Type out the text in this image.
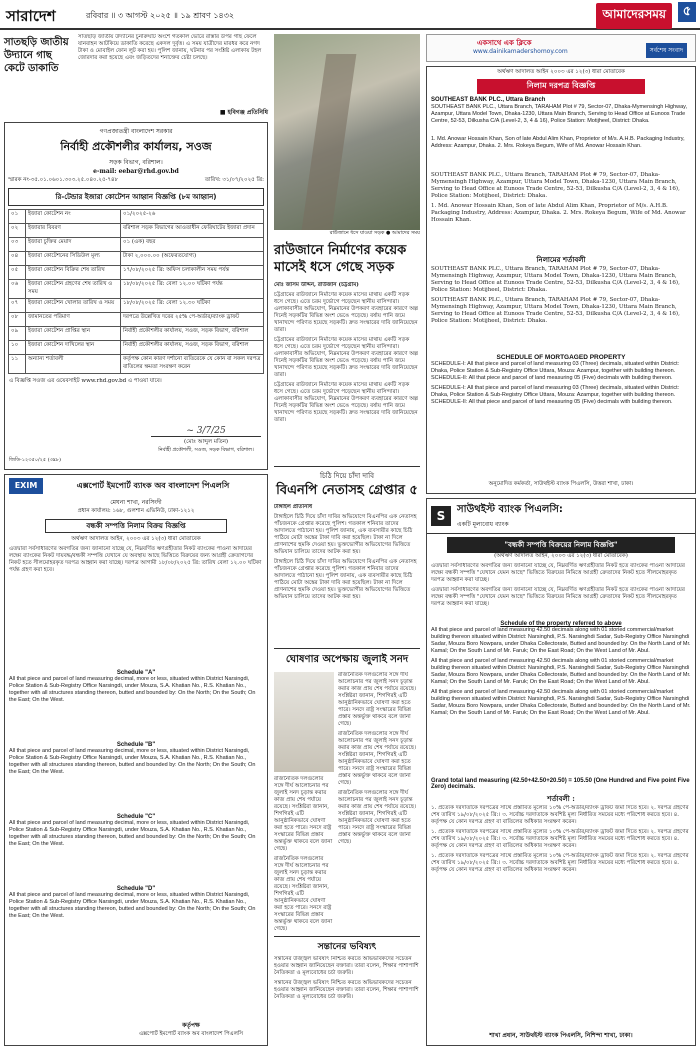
সারাদেশ	রবিবার ॥ ৩ আগস্ট ২০২৫ ॥ ১৯ শ্রাবণ ১৪৩২	আমাদেরসময়	৫
সাতছড়ি জাতীয় উদ্যানে গাছ কেটে ডাকাতি
সাতছড়ি জাতীয় উদ্যানের চুনারুঘাট অংশে গতকাল ভোরে রাস্তার উপর গাছ ফেলে যানবাহন আটকিয়ে ডাকাতি করেছে একদল দুর্বৃত্ত। এ সময় যাত্রীদের মারধর করে নগদ টাকা ও মোবাইল ফোন লুট করা হয়। পুলিশ জানায়, ঘটনার পর সংশ্লিষ্ট এলাকায় টহল জোরদার করা হয়েছে এবং জড়িতদের শনাক্তের চেষ্টা চলছে।
■ হবিগঞ্জ প্রতিনিধি
গণপ্রজাতন্ত্রী বাংলাদেশ সরকার
নির্বাহী প্রকৌশলীর কার্যালয়, সওজ
সড়ক বিভাগ, বরিশাল।
e-mail: eebar@rhd.gov.bd
স্মারক নং-৩৫.০১.০৬০১.৩০৩.২৫.০৪০.২৫-৭৪৮	তারিখ: ৩১/০৭/২০২৫ খ্রি:
রি-টেন্ডার ইজারা কোটেশন আহ্বান বিজ্ঞপ্তি (৮ম আহ্বান)
০১	ইজারা কোটেশন নং	০১/২০২৫-২৬
০২	ইজারার বিবরণ	বরিশাল সড়ক বিভাগের আওতাধীন ফেরিঘাটের ইজারা প্রদান
০৩	ইজারা চুক্তির মেয়াদ	০১ (এক) বছর
০৪	ইজারা কোটেশনের সিডিউল মূল্য	টাকা ২,০০০.০০ (অফেরতযোগ্য)
০৫	ইজারা কোটেশন বিক্রির শেষ তারিখ	১৭/০৮/২০২৫ খ্রি: অফিস চলাকালীন সময় পর্যন্ত
০৬	ইজারা কোটেশন গ্রহণের শেষ তারিখ ও সময়	১৮/০৮/২০২৫ খ্রি: বেলা ১২.০০ ঘটিকা পর্যন্ত
০৭	ইজারা কোটেশন খোলার তারিখ ও সময়	১৮/০৮/২০২৫ খ্রি: বেলা ১২.৩০ ঘটিকা
০৮	জামানতের পরিমাণ	দরপত্রে উল্লেখিত দরের ২৫% পে-অর্ডার/ব্যাংক ড্রাফট
০৯	ইজারা কোটেশন প্রাপ্তির স্থান	নির্বাহী প্রকৌশলীর কার্যালয়, সওজ, সড়ক বিভাগ, বরিশাল
১০	ইজারা কোটেশন দাখিলের স্থান	নির্বাহী প্রকৌশলীর কার্যালয়, সওজ, সড়ক বিভাগ, বরিশাল
১১	অন্যান্য শর্তাবলী	কর্তৃপক্ষ কোন কারণ দর্শানো ব্যতিরেকে যে কোন বা সকল দরপত্র বাতিলের ক্ষমতা সংরক্ষণ করেন
এ বিজ্ঞপ্তি সওজ এর ওয়েবসাইট www.rhd.gov.bd এ পাওয়া যাবে।
~ 3/7/25
(মোঃ আব্দুল মতিন)
নির্বাহী প্রকৌশলী, সওজ, সড়ক বিভাগ, বরিশাল।
জিডি-১২৩৫০/২৫ (৩x৮)
EXIM	এক্সপোর্ট ইমপোর্ট ব্যাংক অব বাংলাদেশ পিএলসি
মেঘনা শাখা, নরসিংদী
প্রধান কার্যালয়: ১৬৮, গুলশান এভিনিউ, ঢাকা-১২১২
বন্ধকী সম্পত্তি নিলাম বিক্রয় বিজ্ঞপ্তি
অর্থঋণ আদালত আইন, ২০০৩ এর ১২(৩) ধারা মোতাবেক
এতদ্বারা সর্বসাধারণের অবগতির জন্য জানানো যাচ্ছে যে, নিম্নবর্ণিত ঋণগ্রহীতার নিকট ব্যাংকের পাওনা আদায়ের লক্ষ্যে ব্যাংকের নিকট দায়বদ্ধ/বন্ধকী সম্পত্তি যেখানে যে অবস্থায় আছে ভিত্তিতে বিক্রয়ের জন্য আগ্রহী ক্রেতাগণের নিকট হতে সীলমোহরকৃত দরপত্র আহ্বান করা যাচ্ছে। দরপত্র আগামী ১৮/০৮/২০২৫ খ্রি: তারিখ বেলা ১২.০০ ঘটিকা পর্যন্ত গ্রহণ করা হবে।
Schedule "A"
All that piece and parcel of land measuring decimal, more or less, situated within District Narsingdi, Police Station & Sub-Registry Office Narsingdi, under Mouza, S.A. Khatian No., R.S. Khatian No., together with all structures standing thereon, butted and bounded by: On the North; On the South; On the East; On the West.
Schedule "B"
All that piece and parcel of land measuring decimal, more or less, situated within District Narsingdi, Police Station & Sub-Registry Office Narsingdi, under Mouza, S.A. Khatian No., R.S. Khatian No., together with all structures standing thereon, butted and bounded by: On the North; On the South; On the East; On the West.
Schedule "C"
All that piece and parcel of land measuring decimal, more or less, situated within District Narsingdi, Police Station & Sub-Registry Office Narsingdi, under Mouza, S.A. Khatian No., R.S. Khatian No., together with all structures standing thereon, butted and bounded by: On the North; On the South; On the East; On the West.
Schedule "D"
All that piece and parcel of land measuring decimal, more or less, situated within District Narsingdi, Police Station & Sub-Registry Office Narsingdi, under Mouza, S.A. Khatian No., R.S. Khatian No., together with all structures standing thereon, butted and bounded by: On the North; On the South; On the East; On the West.
কর্তৃপক্ষ
এক্সপোর্ট ইমপোর্ট ব্যাংক অব বাংলাদেশ পিএলসি
রাউজানে ধসে যাওয়া সড়ক ● আমাদের সময়
রাউজানে নির্মাণের কয়েক মাসেই ধসে গেছে সড়ক

মোঃ জসিম উদ্দিন, রাউজান (চট্টগ্রাম)

চট্টগ্রামের রাউজানে নির্মাণের কয়েক মাসের মাথায় একটি সড়ক ধসে গেছে। এতে চরম দুর্ভোগে পড়েছেন স্থানীয় বাসিন্দারা। এলাকাবাসীর অভিযোগ, নিম্নমানের উপকরণ ব্যবহারের কারণে অল্প দিনেই সড়কটির বিভিন্ন অংশ ভেঙে পড়েছে। বর্ষায় পানি জমে খানাখন্দে পরিণত হয়েছে সড়কটি। দ্রুত সংস্কারের দাবি জানিয়েছেন তারা।

চট্টগ্রামের রাউজানে নির্মাণের কয়েক মাসের মাথায় একটি সড়ক ধসে গেছে। এতে চরম দুর্ভোগে পড়েছেন স্থানীয় বাসিন্দারা। এলাকাবাসীর অভিযোগ, নিম্নমানের উপকরণ ব্যবহারের কারণে অল্প দিনেই সড়কটির বিভিন্ন অংশ ভেঙে পড়েছে। বর্ষায় পানি জমে খানাখন্দে পরিণত হয়েছে সড়কটি। দ্রুত সংস্কারের দাবি জানিয়েছেন তারা।

চট্টগ্রামের রাউজানে নির্মাণের কয়েক মাসের মাথায় একটি সড়ক ধসে গেছে। এতে চরম দুর্ভোগে পড়েছেন স্থানীয় বাসিন্দারা। এলাকাবাসীর অভিযোগ, নিম্নমানের উপকরণ ব্যবহারের কারণে অল্প দিনেই সড়কটির বিভিন্ন অংশ ভেঙে পড়েছে। বর্ষায় পানি জমে খানাখন্দে পরিণত হয়েছে সড়কটি। দ্রুত সংস্কারের দাবি জানিয়েছেন তারা।

চিঠি দিয়ে চাঁদা দাবি
বিএনপি নেতাসহ গ্রেপ্তার ৫

টাঙ্গাইল প্রতিনিধি

টাঙ্গাইলে চিঠি দিয়ে চাঁদা দাবির অভিযোগে বিএনপির এক নেতাসহ পাঁচজনকে গ্রেপ্তার করেছে পুলিশ। গতকাল শনিবার তাদের আদালতে পাঠানো হয়। পুলিশ জানায়, এক ব্যবসায়ীর কাছে চিঠি পাঠিয়ে মোটা অঙ্কের টাকা দাবি করা হয়েছিল। টাকা না দিলে প্রাণনাশের হুমকি দেওয়া হয়। ভুক্তভোগীর অভিযোগের ভিত্তিতে অভিযান চালিয়ে তাদের আটক করা হয়।

টাঙ্গাইলে চিঠি দিয়ে চাঁদা দাবির অভিযোগে বিএনপির এক নেতাসহ পাঁচজনকে গ্রেপ্তার করেছে পুলিশ। গতকাল শনিবার তাদের আদালতে পাঠানো হয়। পুলিশ জানায়, এক ব্যবসায়ীর কাছে চিঠি পাঠিয়ে মোটা অঙ্কের টাকা দাবি করা হয়েছিল। টাকা না দিলে প্রাণনাশের হুমকি দেওয়া হয়। ভুক্তভোগীর অভিযোগের ভিত্তিতে অভিযান চালিয়ে তাদের আটক করা হয়।

ঘোষণার অপেক্ষায় জুলাই সনদ

রাজনৈতিক দলগুলোর সঙ্গে দীর্ঘ আলোচনার পর জুলাই সনদ চূড়ান্ত করার কাজ প্রায় শেষ পর্যায়ে রয়েছে। সংশ্লিষ্টরা জানান, শিগগিরই এটি আনুষ্ঠানিকভাবে ঘোষণা করা হতে পারে। সনদে রাষ্ট্র সংস্কারের বিভিন্ন প্রস্তাব অন্তর্ভুক্ত থাকবে বলে জানা গেছে।

রাজনৈতিক দলগুলোর সঙ্গে দীর্ঘ আলোচনার পর জুলাই সনদ চূড়ান্ত করার কাজ প্রায় শেষ পর্যায়ে রয়েছে। সংশ্লিষ্টরা জানান, শিগগিরই এটি আনুষ্ঠানিকভাবে ঘোষণা করা হতে পারে। সনদে রাষ্ট্র সংস্কারের বিভিন্ন প্রস্তাব অন্তর্ভুক্ত থাকবে বলে জানা গেছে।

রাজনৈতিক দলগুলোর সঙ্গে দীর্ঘ আলোচনার পর জুলাই সনদ চূড়ান্ত করার কাজ প্রায় শেষ পর্যায়ে রয়েছে। সংশ্লিষ্টরা জানান, শিগগিরই এটি আনুষ্ঠানিকভাবে ঘোষণা করা হতে পারে। সনদে রাষ্ট্র সংস্কারের বিভিন্ন প্রস্তাব অন্তর্ভুক্ত থাকবে বলে জানা গেছে।

রাজনৈতিক দলগুলোর সঙ্গে দীর্ঘ আলোচনার পর জুলাই সনদ চূড়ান্ত করার কাজ প্রায় শেষ পর্যায়ে রয়েছে। সংশ্লিষ্টরা জানান, শিগগিরই এটি আনুষ্ঠানিকভাবে ঘোষণা করা হতে পারে। সনদে রাষ্ট্র সংস্কারের বিভিন্ন প্রস্তাব অন্তর্ভুক্ত থাকবে বলে জানা গেছে।

রাজনৈতিক দলগুলোর সঙ্গে দীর্ঘ আলোচনার পর জুলাই সনদ চূড়ান্ত করার কাজ প্রায় শেষ পর্যায়ে রয়েছে। সংশ্লিষ্টরা জানান, শিগগিরই এটি আনুষ্ঠানিকভাবে ঘোষণা করা হতে পারে। সনদে রাষ্ট্র সংস্কারের বিভিন্ন প্রস্তাব অন্তর্ভুক্ত থাকবে বলে জানা গেছে।

সন্তানের ভবিষ্যৎ

সন্তানের উজ্জ্বল ভবিষ্যৎ নিশ্চিত করতে অভিভাবকদের সচেতন হওয়ার আহ্বান জানিয়েছেন বক্তারা। তারা বলেন, শিক্ষার পাশাপাশি নৈতিকতা ও মূল্যবোধের চর্চা জরুরি।

সন্তানের উজ্জ্বল ভবিষ্যৎ নিশ্চিত করতে অভিভাবকদের সচেতন হওয়ার আহ্বান জানিয়েছেন বক্তারা। তারা বলেন, শিক্ষার পাশাপাশি নৈতিকতা ও মূল্যবোধের চর্চা জরুরি।

একসাথে এক ক্লিকে
www.dainikamadershomoy.com	সর্বশেষ সংবাদ
অর্থঋণ আদালত আইন ২০০৩ এর ১২(৩) ধারা মোতাবেক
নিলাম দরপত্র বিজ্ঞপ্তি
SOUTHEAST BANK PLC., Uttara Branch
SOUTHEAST BANK PLC., Uttara Branch, TARAHAM Plot # 79, Sector-07, Dhaka-Mymensingh Highway, Azampur, Uttara Model Town, Dhaka-1230, Uttara Main Branch, Serving to Head Office at Eunoos Trade Centre, 52-53, Dilkusha C/A (Level-2, 3, 4 & 16), Police Station: Motijheel, District: Dhaka.
1. Md. Anowar Hossain Khan, Son of late Abdul Alim Khan, Proprietor of M/s. A.H.B. Packaging Industry, Address: Azampur, Dhaka. 2. Mrs. Rokeya Begum, Wife of Md. Anowar Hossain Khan.

SOUTHEAST BANK PLC., Uttara Branch, TARAHAM Plot # 79, Sector-07, Dhaka-Mymensingh Highway, Azampur, Uttara Model Town, Dhaka-1230, Uttara Main Branch, Serving to Head Office at Eunoos Trade Centre, 52-53, Dilkusha C/A (Level-2, 3, 4 & 16), Police Station: Motijheel, District: Dhaka.

1. Md. Anowar Hossain Khan, Son of late Abdul Alim Khan, Proprietor of M/s. A.H.B. Packaging Industry, Address: Azampur, Dhaka. 2. Mrs. Rokeya Begum, Wife of Md. Anowar Hossain Khan.

নিলামের শর্তাবলী

SOUTHEAST BANK PLC., Uttara Branch, TARAHAM Plot # 79, Sector-07, Dhaka-Mymensingh Highway, Azampur, Uttara Model Town, Dhaka-1230, Uttara Main Branch, Serving to Head Office at Eunoos Trade Centre, 52-53, Dilkusha C/A (Level-2, 3, 4 & 16), Police Station: Motijheel, District: Dhaka.

SOUTHEAST BANK PLC., Uttara Branch, TARAHAM Plot # 79, Sector-07, Dhaka-Mymensingh Highway, Azampur, Uttara Model Town, Dhaka-1230, Uttara Main Branch, Serving to Head Office at Eunoos Trade Centre, 52-53, Dilkusha C/A (Level-2, 3, 4 & 16), Police Station: Motijheel, District: Dhaka.

SCHEDULE OF MORTGAGED PROPERTY

SCHEDULE-I: All that piece and parcel of land measuring 03 (Three) decimals, situated within District: Dhaka, Police Station & Sub-Registry Office Uttara, Mouza: Azampur, together with building thereon. SCHEDULE-II: All that piece and parcel of land measuring 05 (Five) decimals with building thereon.

SCHEDULE-I: All that piece and parcel of land measuring 03 (Three) decimals, situated within District: Dhaka, Police Station & Sub-Registry Office Uttara, Mouza: Azampur, together with building thereon. SCHEDULE-II: All that piece and parcel of land measuring 05 (Five) decimals with building thereon.

অনুমোদিত কর্মকর্তা, সাউথইস্ট ব্যাংক পিএলসি, উত্তরা শাখা, ঢাকা।
S	সাউথইস্ট ব্যাংক পিএলসি:
একটি মূল্যবোধ ব্যাংক
"বন্ধকী সম্পত্তি বিক্রয়ের নিলাম বিজ্ঞপ্তি"
(অর্থঋণ আদালত আইন, ২০০৩ এর ১২(৩) ধারা মোতাবেক)

এতদ্বারা সর্বসাধারণের অবগতির জন্য জানানো যাচ্ছে যে, নিম্নবর্ণিত ঋণগ্রহীতার নিকট হতে ব্যাংকের পাওনা আদায়ের লক্ষ্যে বন্ধকী সম্পত্তি "যেখানে যেমন আছে" ভিত্তিতে বিক্রয়ের নিমিত্তে আগ্রহী ক্রেতাদের নিকট হতে সীলমোহরকৃত দরপত্র আহ্বান করা যাচ্ছে।

এতদ্বারা সর্বসাধারণের অবগতির জন্য জানানো যাচ্ছে যে, নিম্নবর্ণিত ঋণগ্রহীতার নিকট হতে ব্যাংকের পাওনা আদায়ের লক্ষ্যে বন্ধকী সম্পত্তি "যেখানে যেমন আছে" ভিত্তিতে বিক্রয়ের নিমিত্তে আগ্রহী ক্রেতাদের নিকট হতে সীলমোহরকৃত দরপত্র আহ্বান করা যাচ্ছে।

Schedule of the property referred to above

All that piece and parcel of land measuring 42.50 decimals along with 01 storied commercial/market building thereon situated within District: Narsinghdi, P.S. Narsinghdi Sadar, Sub-Registry Office Narsinghdi Sadar, Mouza Boro Nowpara, under Dhaka Collectorate, Butted and bounded by: On the North Land of Mr. Kamal; On the South Land of Mr. Faruk; On the East Road; On the West Land of Mr. Abul.

All that piece and parcel of land measuring 42.50 decimals along with 01 storied commercial/market building thereon situated within District: Narsinghdi, P.S. Narsinghdi Sadar, Sub-Registry Office Narsinghdi Sadar, Mouza Boro Nowpara, under Dhaka Collectorate, Butted and bounded by: On the North Land of Mr. Kamal; On the South Land of Mr. Faruk; On the East Road; On the West Land of Mr. Abul.

All that piece and parcel of land measuring 42.50 decimals along with 01 storied commercial/market building thereon situated within District: Narsinghdi, P.S. Narsinghdi Sadar, Sub-Registry Office Narsinghdi Sadar, Mouza Boro Nowpara, under Dhaka Collectorate, Butted and bounded by: On the North Land of Mr. Kamal; On the South Land of Mr. Faruk; On the East Road; On the West Land of Mr. Abul.

Grand total land measuring (42.50+42.50+20.50) = 105.50 (One Hundred and Five point Five Zero) decimals.
শর্তাবলী :

১. প্রত্যেক দরদাতাকে দরপত্রের সাথে প্রস্তাবিত মূল্যের ১০% পে-অর্ডার/ব্যাংক ড্রাফট জমা দিতে হবে। ২. দরপত্র গ্রহণের শেষ তারিখ ১৯/০৮/২০২৫ খ্রি:। ৩. সর্বোচ্চ দরদাতাকে অবশিষ্ট মূল্য নির্ধারিত সময়ের মধ্যে পরিশোধ করতে হবে। ৪. কর্তৃপক্ষ যে কোন দরপত্র গ্রহণ বা বাতিলের অধিকার সংরক্ষণ করেন।

১. প্রত্যেক দরদাতাকে দরপত্রের সাথে প্রস্তাবিত মূল্যের ১০% পে-অর্ডার/ব্যাংক ড্রাফট জমা দিতে হবে। ২. দরপত্র গ্রহণের শেষ তারিখ ১৯/০৮/২০২৫ খ্রি:। ৩. সর্বোচ্চ দরদাতাকে অবশিষ্ট মূল্য নির্ধারিত সময়ের মধ্যে পরিশোধ করতে হবে। ৪. কর্তৃপক্ষ যে কোন দরপত্র গ্রহণ বা বাতিলের অধিকার সংরক্ষণ করেন।

১. প্রত্যেক দরদাতাকে দরপত্রের সাথে প্রস্তাবিত মূল্যের ১০% পে-অর্ডার/ব্যাংক ড্রাফট জমা দিতে হবে। ২. দরপত্র গ্রহণের শেষ তারিখ ১৯/০৮/২০২৫ খ্রি:। ৩. সর্বোচ্চ দরদাতাকে অবশিষ্ট মূল্য নির্ধারিত সময়ের মধ্যে পরিশোধ করতে হবে। ৪. কর্তৃপক্ষ যে কোন দরপত্র গ্রহণ বা বাতিলের অধিকার সংরক্ষণ করেন।

শাখা প্রধান, সাউথইস্ট ব্যাংক পিএলসি, নিশিন্দা শাখা, ঢাকা।
